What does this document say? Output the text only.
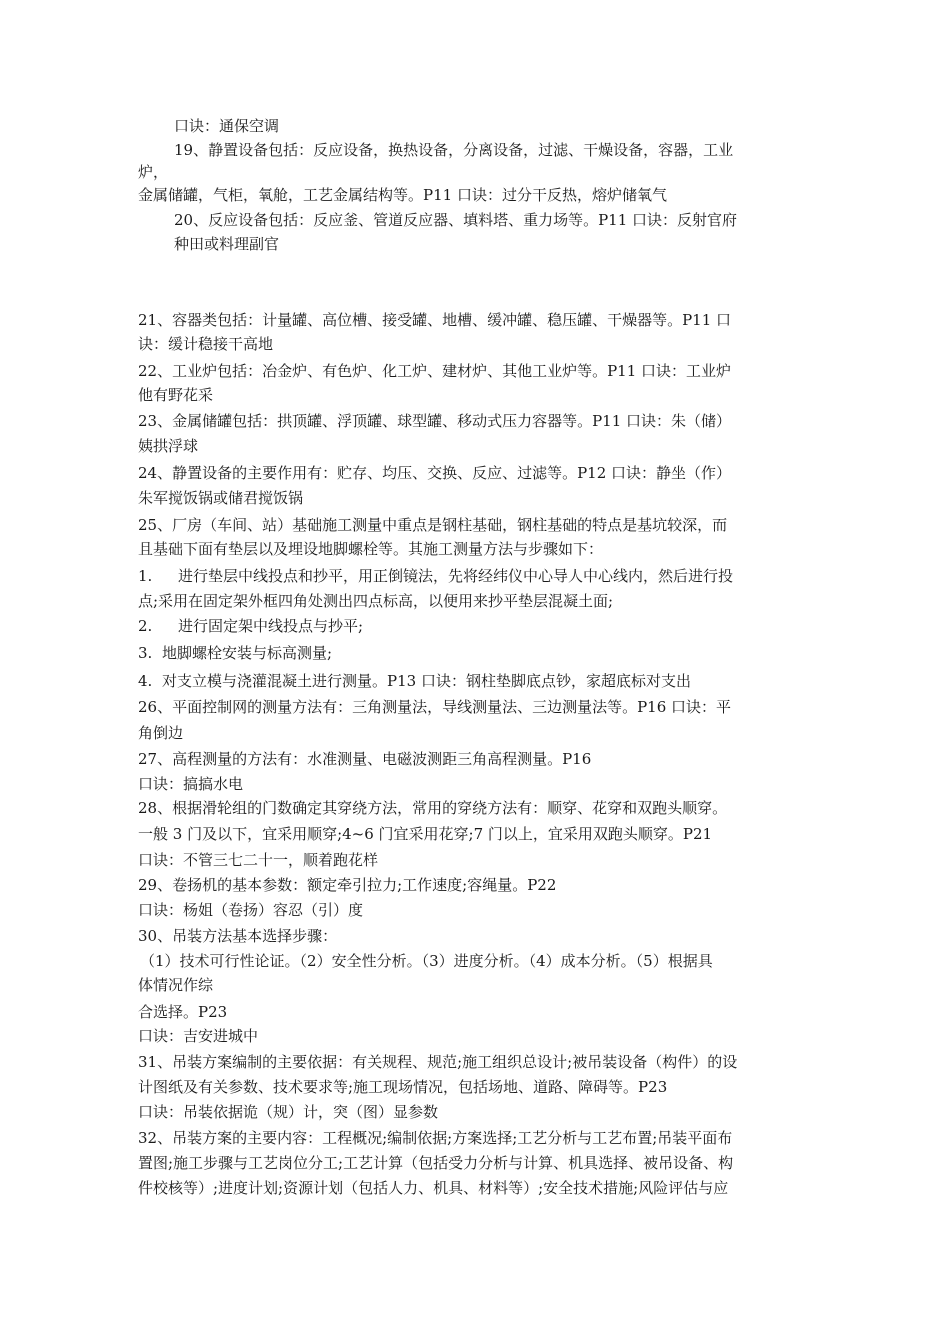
口诀：通保空调

19、静置设备包括：反应设备，换热设备，分离设备，过滤、干燥设备，容器，工业

炉，

金属储罐，气柜，氧舱，工艺金属结构等。P11 口诀：过分干反热，熔炉储氧气

20、反应设备包括：反应釜、管道反应器、填料塔、重力场等。P11 口诀：反射官府

种田或料理副官

21、容器类包括：计量罐、高位槽、接受罐、地槽、缓冲罐、稳压罐、干燥器等。P11 口

诀：缓计稳接干高地

22、工业炉包括：冶金炉、有色炉、化工炉、建材炉、其他工业炉等。P11 口诀：工业炉

他有野花采

23、金属储罐包括：拱顶罐、浮顶罐、球型罐、移动式压力容器等。P11 口诀：朱（储）

姨拱浮球

24、静置设备的主要作用有：贮存、均压、交换、反应、过滤等。P12 口诀：静坐（作）

朱军搅饭锅或储君搅饭锅

25、厂房（车间、站）基础施工测量中重点是钢柱基础，钢柱基础的特点是基坑较深，而

且基础下面有垫层以及埋设地脚螺栓等。其施工测量方法与步骤如下：

1. 进行垫层中线投点和抄平，用正倒镜法，先将经纬仪中心导人中心线内，然后进行投

点;采用在固定架外框四角处测出四点标高，以便用来抄平垫层混凝土面;

2. 进行固定架中线投点与抄平;

3. 地脚螺栓安装与标高测量;

4. 对支立模与浇灌混凝土进行测量。P13 口诀：钢柱垫脚底点钞，家超底标对支出

26、平面控制网的测量方法有：三角测量法，导线测量法、三边测量法等。P16 口诀：平

角倒边

27、高程测量的方法有：水准测量、电磁波测距三角高程测量。P16

口诀：搞搞水电

28、根据滑轮组的门数确定其穿绕方法，常用的穿绕方法有：顺穿、花穿和双跑头顺穿。

一般 3 门及以下，宜采用顺穿;4~6 门宜采用花穿;7 门以上，宜采用双跑头顺穿。P21

口诀：不管三七二十一，顺着跑花样

29、卷扬机的基本参数：额定牵引拉力;工作速度;容绳量。P22

口诀：杨姐（卷扬）容忍（引）度

30、吊装方法基本选择步骤：

（1）技术可行性论证。（2）安全性分析。（3）进度分析。（4）成本分析。（5）根据具

体情况作综

合选择。P23

口诀：吉安进城中

31、吊装方案编制的主要依据：有关规程、规范;施工组织总设计;被吊装设备（构件）的设

计图纸及有关参数、技术要求等;施工现场情况，包括场地、道路、障碍等。P23

口诀：吊装依据诡（规）计，突（图）显参数

32、吊装方案的主要内容：工程概况;编制依据;方案选择;工艺分析与工艺布置;吊装平面布

置图;施工步骤与工艺岗位分工;工艺计算（包括受力分析与计算、机具选择、被吊设备、构

件校核等）;进度计划;资源计划（包括人力、机具、材料等）;安全技术措施;风险评估与应
